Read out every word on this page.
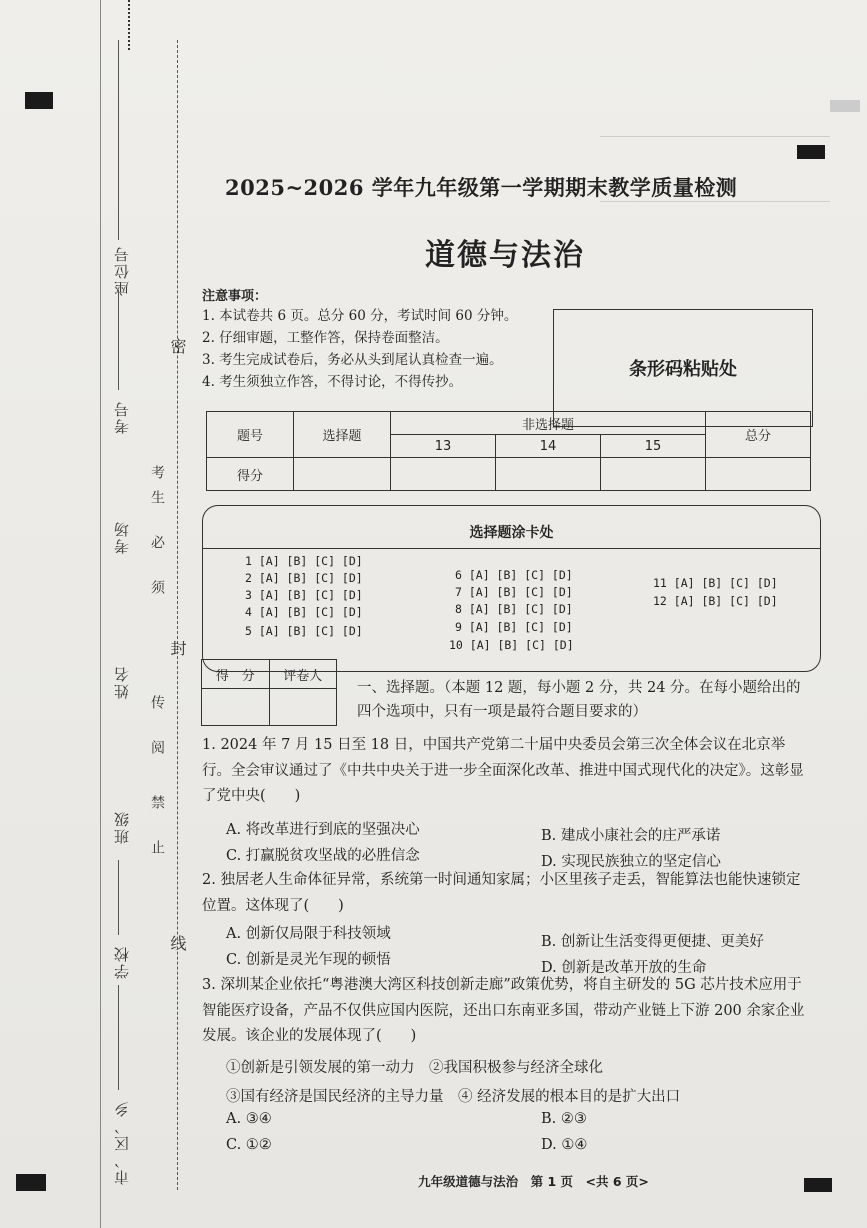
座位号
考号
考场
姓名
班级
学校
市、区、乡
密
封
线
考
生
必
须
传
阅
禁
止
2025~2026 学年九年级第一学期期末教学质量检测
道德与法治
注意事项：
1. 本试卷共 6 页。总分 60 分，考试时间 60 分钟。
2. 仔细审题，工整作答，保持卷面整洁。
3. 考生完成试卷后，务必从头到尾认真检查一遍。
4. 考生须独立作答，不得讨论，不得传抄。
条形码粘贴处
题号	选择题	非选择题			总分
		13	14	15	
得分					
选择题涂卡处
1 [A] [B] [C] [D]
2 [A] [B] [C] [D]
3 [A] [B] [C] [D]
4 [A] [B] [C] [D]
5 [A] [B] [C] [D]
6 [A] [B] [C] [D]
7 [A] [B] [C] [D]
8 [A] [B] [C] [D]
9 [A] [B] [C] [D]
10 [A] [B] [C] [D]
11 [A] [B] [C] [D]
12 [A] [B] [C] [D]
得　分	评卷人

一、选择题。（本题 12 题，每小题 2 分，共 24 分。在每小题给出的四个选项中，只有一项是最符合题目要求的）
1. 2024 年 7 月 15 日至 18 日，中国共产党第二十届中央委员会第三次全体会议在北京举行。全会审议通过了《中共中央关于进一步全面深化改革、推进中国式现代化的决定》。这彰显了党中央(　　)
A. 将改革进行到底的坚强决心	B. 建成小康社会的庄严承诺
C. 打赢脱贫攻坚战的必胜信念	D. 实现民族独立的坚定信心
2. 独居老人生命体征异常，系统第一时间通知家属；小区里孩子走丢，智能算法也能快速锁定位置。这体现了(　　)
A. 创新仅局限于科技领域	B. 创新让生活变得更便捷、更美好
C. 创新是灵光乍现的顿悟	D. 创新是改革开放的生命
3. 深圳某企业依托“粤港澳大湾区科技创新走廊”政策优势，将自主研发的 5G 芯片技术应用于智能医疗设备，产品不仅供应国内医院，还出口东南亚多国，带动产业链上下游 200 余家企业发展。该企业的发展体现了(　　)
①创新是引领发展的第一动力　②我国积极参与经济全球化
③国有经济是国民经济的主导力量　④ 经济发展的根本目的是扩大出口
A. ③④	B. ②③
C. ①②	D. ①④
九年级道德与法治　第 1 页　<共 6 页>
